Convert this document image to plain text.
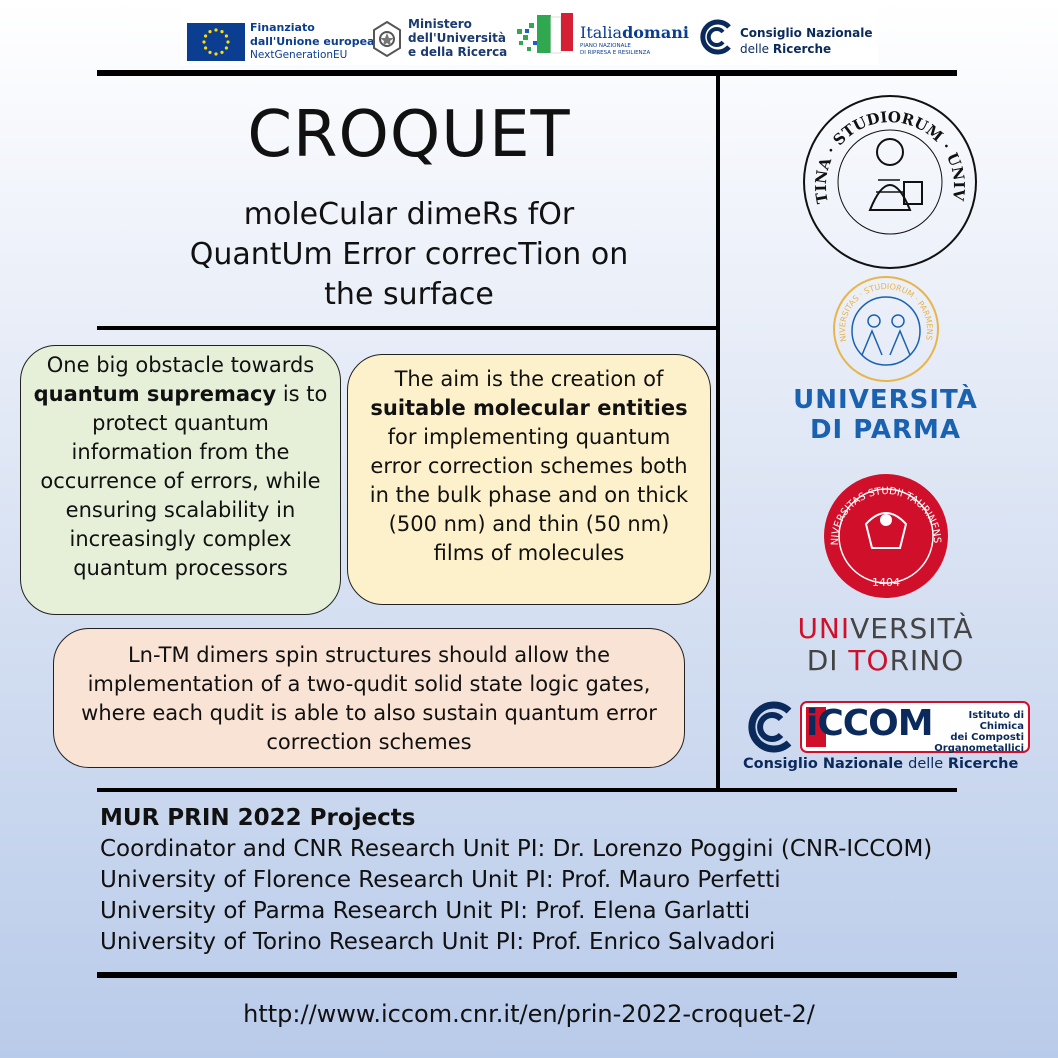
Finanziato
dall'Unione europea
NextGenerationEU
Ministero
dell'Università
e della Ricerca
Italiadomani
PIANO NAZIONALE
DI RIPRESA E RESILIENZA
Consiglio Nazionale
delle Ricerche
CROQUET
moleCular dimeRs fOr
QuantUm Error correcTion on
the surface
One big obstacle towards quantum supremacy is to protect quantum information from the occurrence of errors, while ensuring scalability in increasingly complex quantum processors
The aim is the creation of suitable molecular entities for implementing quantum error correction schemes both in the bulk phase and on thick (500 nm) and thin (50 nm) films of molecules
Ln-TM dimers spin structures should allow the implementation of a two-qudit solid state logic gates, where each qudit is able to also sustain quantum error correction schemes
TINA · STUDIORUM · UNIV
NIVERSITAS · STUDIORUM · PARMENS
UNIVERSITÀ
DI PARMA
NIVERSITAS STUDII TAURINENS
1404
UNIVERSITÀ
DI TORINO
iCCOM	Istituto di Chimica
dei Composti
Organometallici
Consiglio Nazionale delle Ricerche
MUR PRIN 2022 Projects
Coordinator and CNR Research Unit PI: Dr. Lorenzo Poggini (CNR-ICCOM)
University of Florence Research Unit PI: Prof. Mauro Perfetti
University of Parma Research Unit PI: Prof. Elena Garlatti
University of Torino Research Unit PI: Prof. Enrico Salvadori
http://www.iccom.cnr.it/en/prin-2022-croquet-2/
